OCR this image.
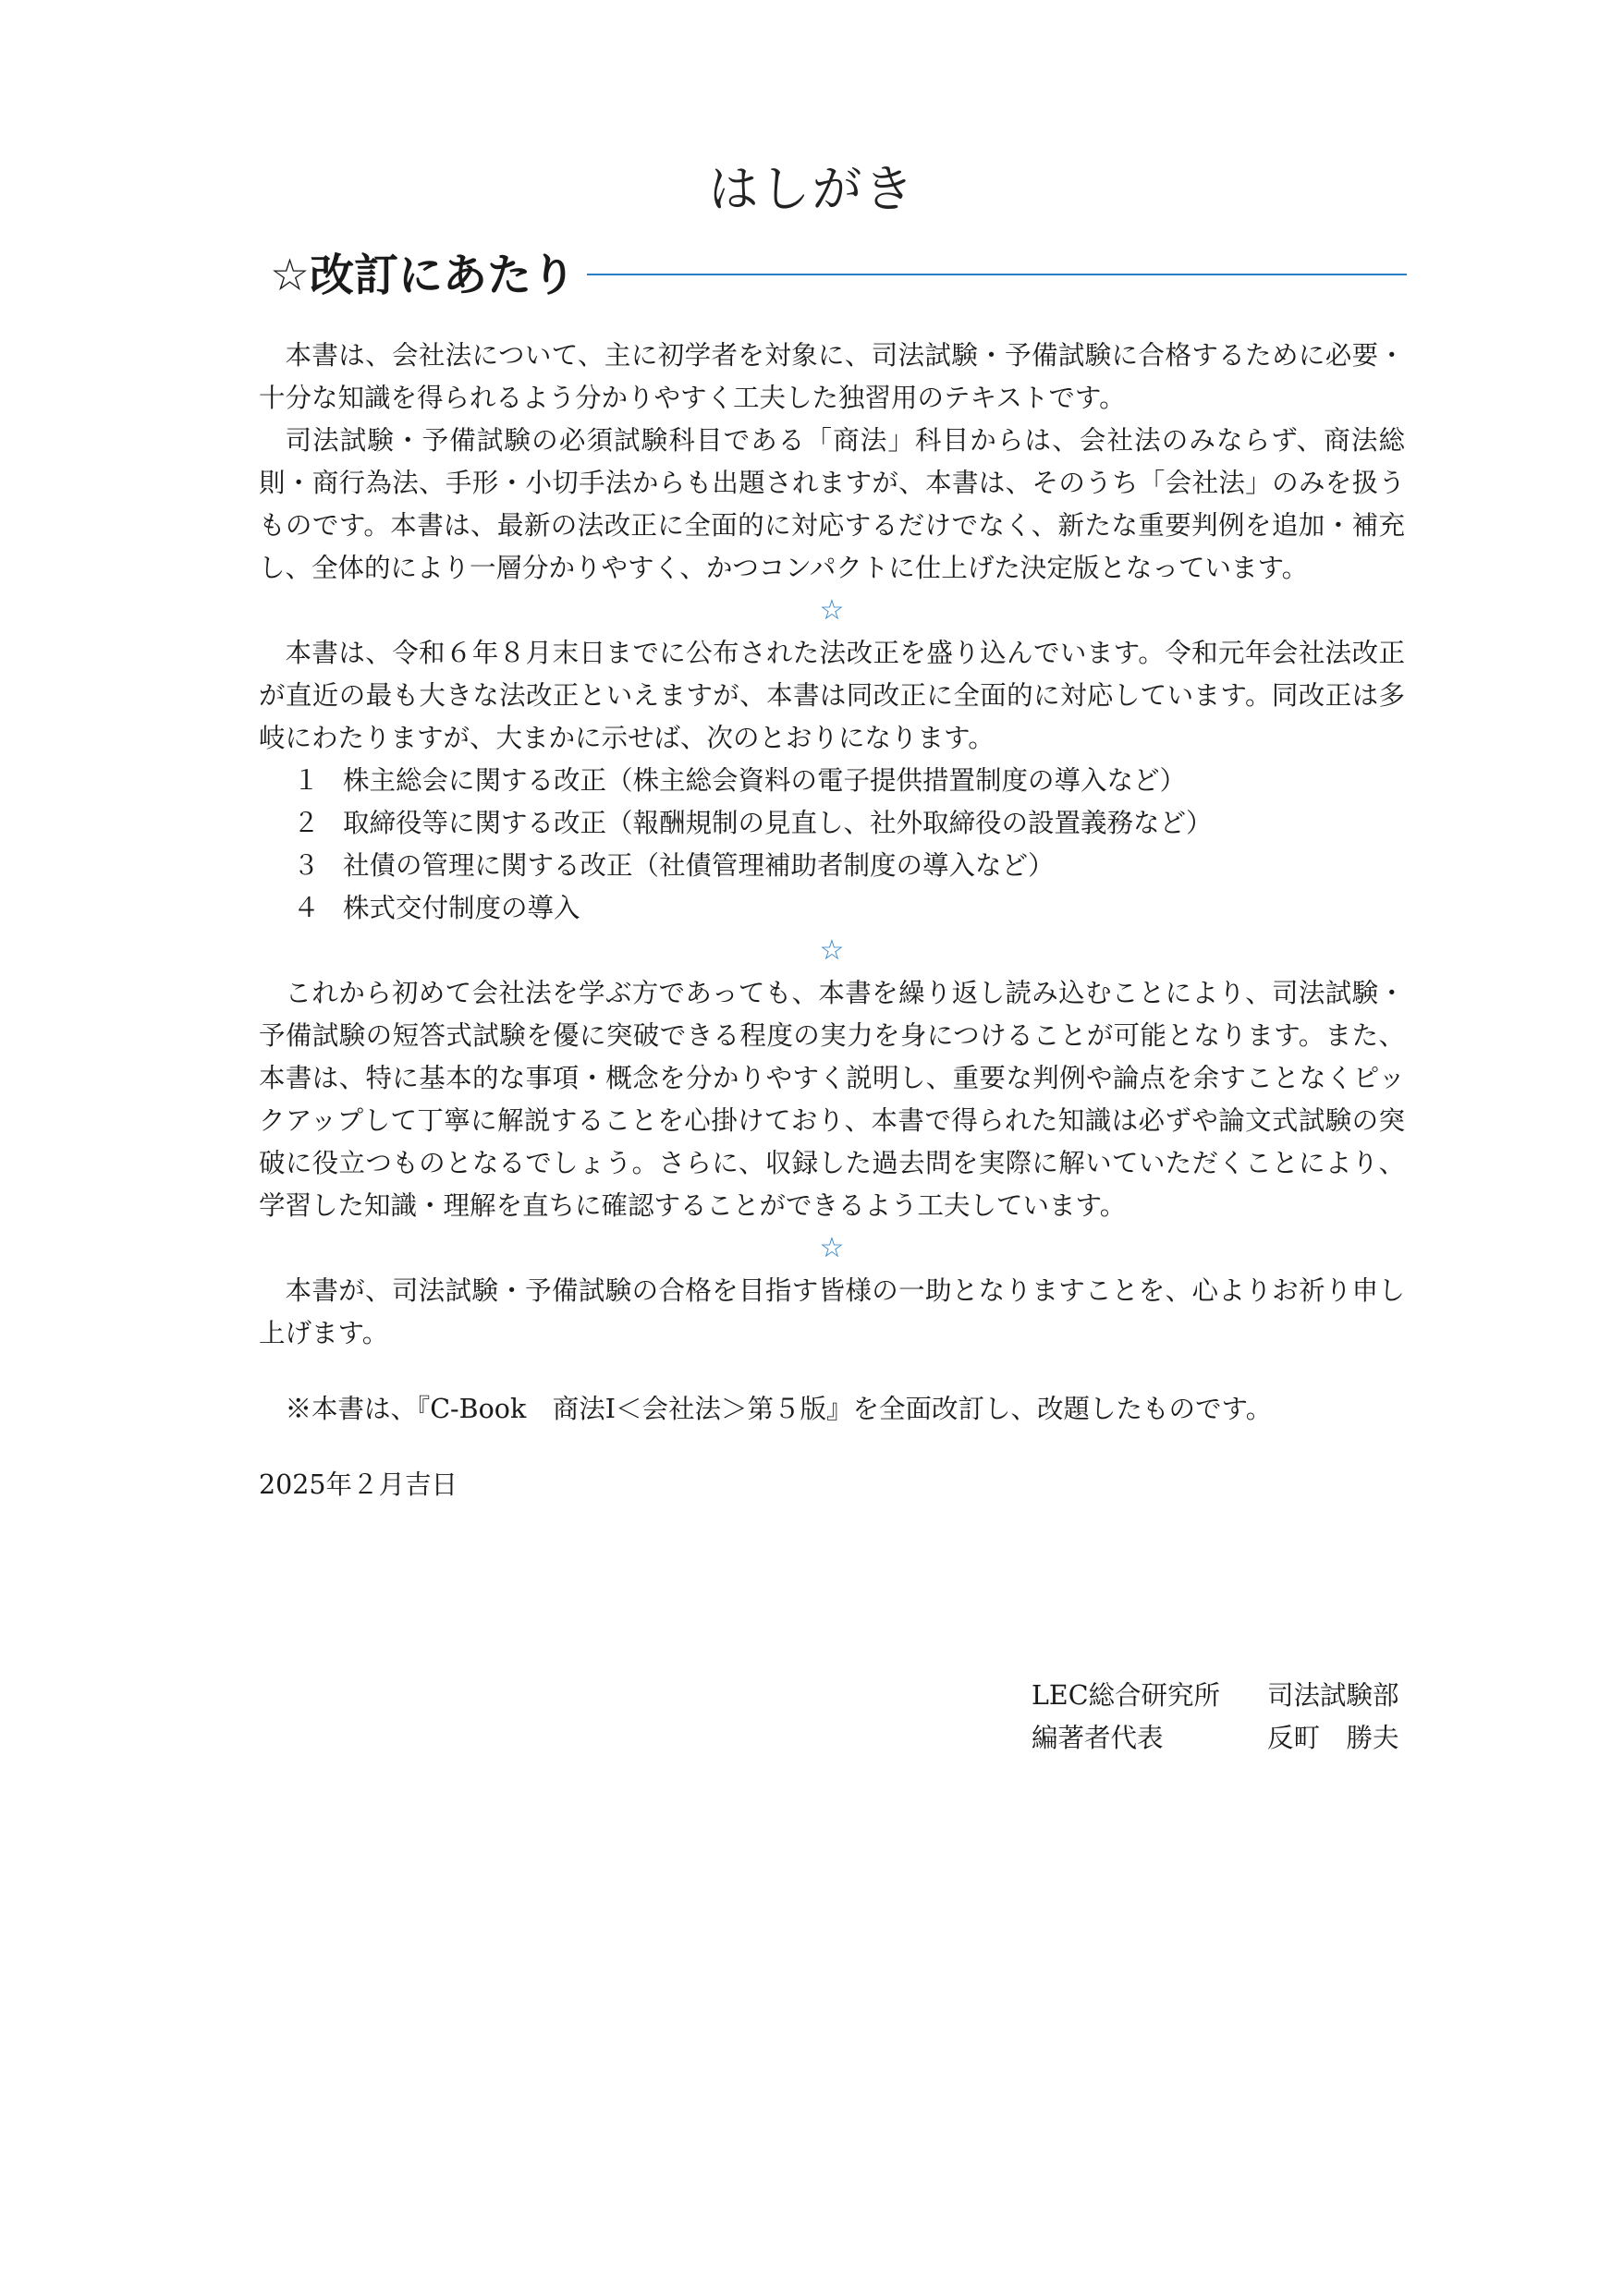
はしがき
☆改訂にあたり

本書は、会社法について、主に初学者を対象に、司法試験・予備試験に合格するために必要・十分な知識を得られるよう分かりやすく工夫した独習用のテキストです。

司法試験・予備試験の必須試験科目である「商法」科目からは、会社法のみならず、商法総則・商行為法、手形・小切手法からも出題されますが、本書は、そのうち「会社法」のみを扱うものです。本書は、最新の法改正に全面的に対応するだけでなく、新たな重要判例を追加・補充し、全体的により一層分かりやすく、かつコンパクトに仕上げた決定版となっています。

☆

本書は、令和６年８月末日までに公布された法改正を盛り込んでいます。令和元年会社法改正が直近の最も大きな法改正といえますが、本書は同改正に全面的に対応しています。同改正は多岐にわたりますが、大まかに示せば、次のとおりになります。

１ 株主総会に関する改正（株主総会資料の電子提供措置制度の導入など）
２ 取締役等に関する改正（報酬規制の見直し、社外取締役の設置義務など）
３ 社債の管理に関する改正（社債管理補助者制度の導入など）
４ 株式交付制度の導入

☆

これから初めて会社法を学ぶ方であっても、本書を繰り返し読み込むことにより、司法試験・予備試験の短答式試験を優に突破できる程度の実力を身につけることが可能となります。また、本書は、特に基本的な事項・概念を分かりやすく説明し、重要な判例や論点を余すことなくピックアップして丁寧に解説することを心掛けており、本書で得られた知識は必ずや論文式試験の突破に役立つものとなるでしょう。さらに、収録した過去問を実際に解いていただくことにより、学習した知識・理解を直ちに確認することができるよう工夫しています。

☆

本書が、司法試験・予備試験の合格を目指す皆様の一助となりますことを、心よりお祈り申し上げます。

※本書は、『C-Book　商法Ⅰ＜会社法＞第５版』を全面改訂し、改題したものです。

2025年２月吉日

LEC総合研究所	司法試験部
編著者代表	反町　勝夫
